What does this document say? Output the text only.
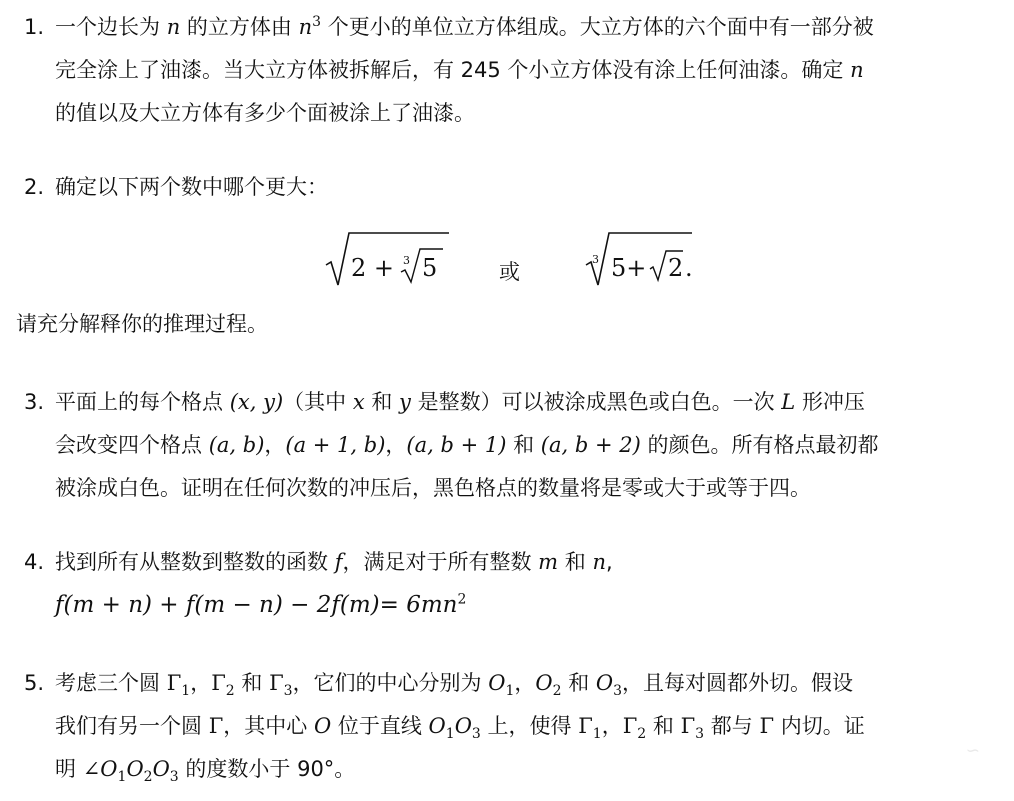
1. 一个边长为 n 的立方体由 $n^3$ 个更小的单位立方体组成。大立方体的六个面中有一部分被
完全涂上了油漆。当大立方体被拆解后，有 245 个小立方体没有涂上任何油漆。确定 n
的值以及大立方体有多少个面被涂上了油漆。
2. 确定以下两个数中哪个更大：
2 + 3 5	或
3 5+ 2 .
请充分解释你的推理过程。
3. 平面上的每个格点 (x, y)（其中 x 和 y 是整数）可以被涂成黑色或白色。一次 L 形冲压
会改变四个格点 (a, b)，(a + 1, b)，(a, b + 1) 和 (a, b + 2) 的颜色。所有格点最初都
被涂成白色。证明在任何次数的冲压后，黑色格点的数量将是零或大于或等于四。
4. 找到所有从整数到整数的函数 f，满足对于所有整数 m 和 n,
$f(m + n) + f(m - n) - 2f(m)= 6mn^2$
5. 考虑三个圆 $\Gamma_1$，$\Gamma_2$ 和 $\Gamma_3$，它们的中心分别为 $O_1$，$O_2$ 和 $O_3$，且每对圆都外切。假设
我们有另一个圆 Γ，其中心 O 位于直线 $O_1O_3$ 上，使得 $\Gamma_1$，$\Gamma_2$ 和 $\Gamma_3$ 都与 Γ 内切。证
明 $\angle O_1O_2O_3$ 的度数小于 90°。
∽
